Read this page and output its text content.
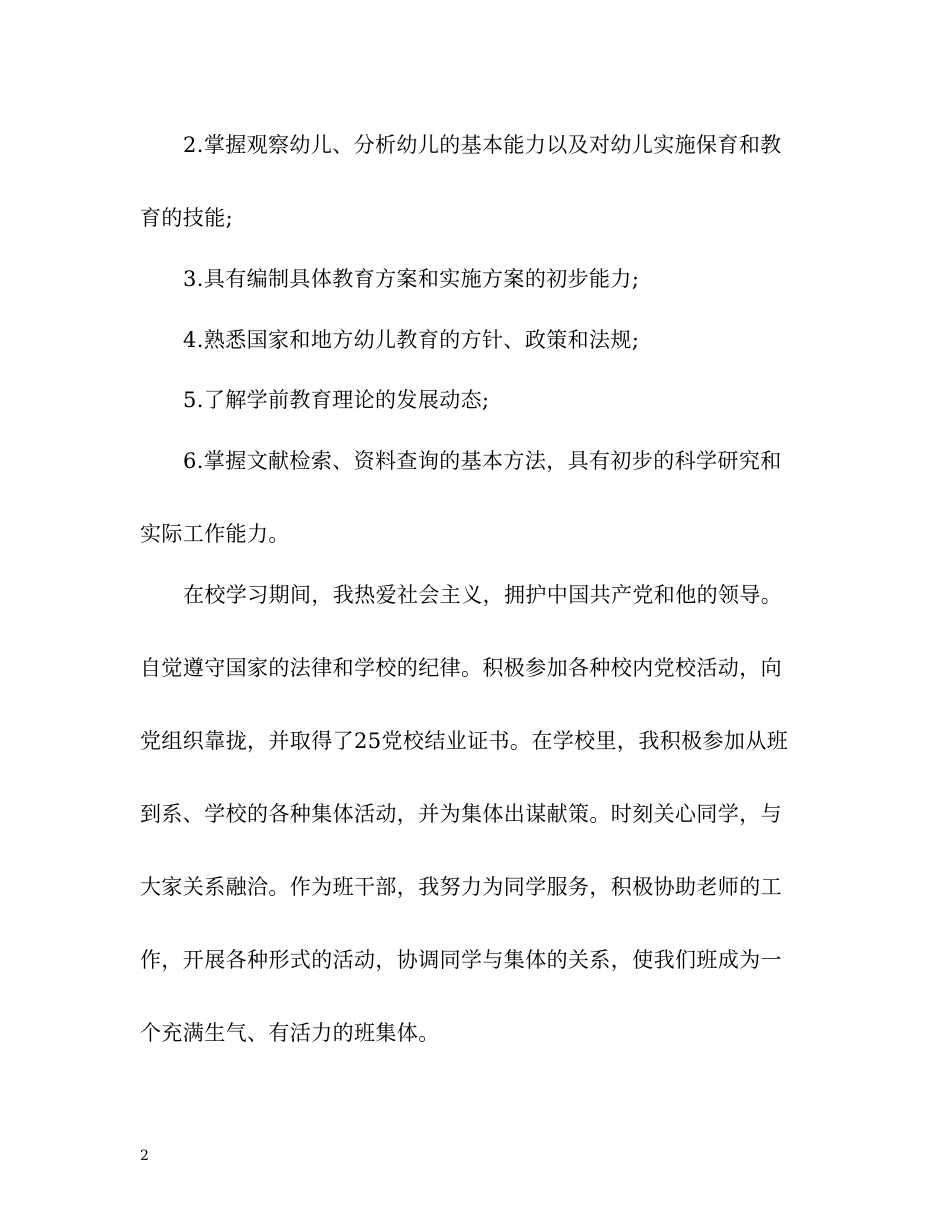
2.掌握观察幼儿、分析幼儿的基本能力以及对幼儿实施保育和教
育的技能;
3.具有编制具体教育方案和实施方案的初步能力;
4.熟悉国家和地方幼儿教育的方针、政策和法规;
5.了解学前教育理论的发展动态;
6.掌握文献检索、资料查询的基本方法，具有初步的科学研究和
实际工作能力。
在校学习期间，我热爱社会主义，拥护中国共产党和他的领导。
自觉遵守国家的法律和学校的纪律。积极参加各种校内党校活动，向
党组织靠拢，并取得了25党校结业证书。在学校里，我积极参加从班
到系、学校的各种集体活动，并为集体出谋献策。时刻关心同学，与
大家关系融洽。作为班干部，我努力为同学服务，积极协助老师的工
作，开展各种形式的活动，协调同学与集体的关系，使我们班成为一
个充满生气、有活力的班集体。
2
